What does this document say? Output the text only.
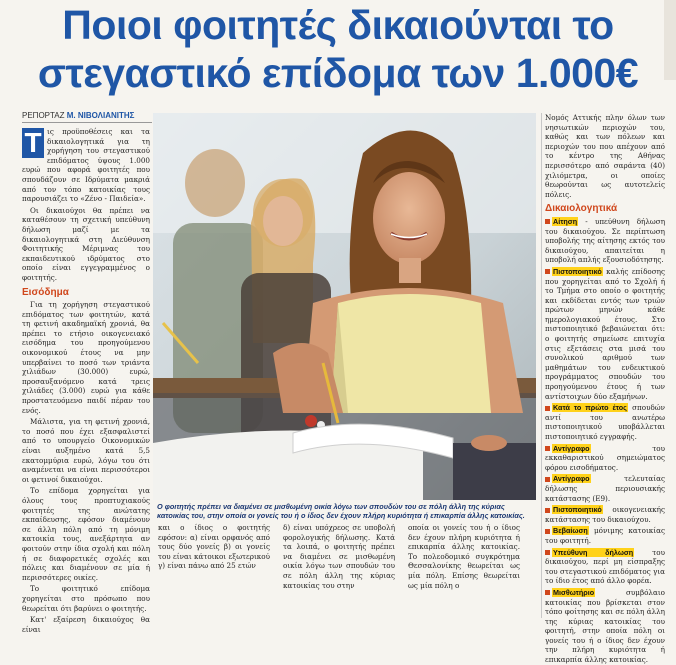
Ποιοι φοιτητές δικαιούνται το
στεγαστικό επίδομα των 1.000€
ΡΕΠΟΡΤΑΖ Μ. ΝΙΒΟΛΙΑΝΙΤΗΣ

Τ ις προϋποθέσεις και τα δικαιολογητικά για τη χορήγηση του στεγαστικού επιδόματος ύψους 1.000 ευρώ που αφορά φοιτητές που σπουδάζουν σε Ιδρύματα μακριά από τον τόπο κατοικίας τους παρουσιάζει το «Ζένο - Παιδεία».

Οι δικαιούχοι θα πρέπει να καταθέσουν τη σχετική υπεύθυνη δήλωση μαζί με τα δικαιολογητικά στη Διεύθυνση Φοιτητικής Μέριμνας του εκπαιδευτικού ιδρύματος στο οποίο είναι εγγεγραμμένος ο φοιτητής.

Εισόδημα

Για τη χορήγηση στεγαστικού επιδόματος των φοιτητών, κατά τη φετινή ακαδημαϊκή χρονιά, θα πρέπει το ετήσιο οικογενειακό εισόδημα του προηγούμενου οικονομικού έτους να μην υπερβαίνει το ποσό των τριάντα χιλιάδων (30.000) ευρώ, προσαυξανόμενο κατά τρεις χιλιάδες (3.000) ευρώ για κάθε προστατευόμενο παιδί πέραν του ενός.

Μάλιστα, για τη φετινή χρονιά, το ποσό που έχει εξασφαλιστεί από το υπουργείο Οικονομικών είναι αυξημένο κατά 5,5 εκατομμύρια ευρώ, λόγω του ότι αναμένεται να είναι περισσότεροι οι φετινοί δικαιούχοι.

Το επίδομα χορηγείται για όλους τους προπτυχιακούς φοιτητές της ανώτατης εκπαίδευσης, εφόσον διαμένουν σε άλλη πόλη από τη μόνιμη κατοικία τους, ανεξάρτητα αν φοιτούν στην ίδια σχολή και πόλη ή σε διαφορετικές σχολές και πόλεις και διαμένουν σε μία ή περισσότερες οικίες.

Το φοιτητικό επίδομα χορηγείται στο πρόσωπο που θεωρείται ότι βαρύνει ο φοιτητής.

Κατ' εξαίρεση δικαιούχος θα είναι

Ο φοιτητής πρέπει να διαμένει σε μισθωμένη οικία λόγω των σπουδών του σε πόλη άλλη της κύριας κατοικίας του, στην οποία οι γονείς του ή ο ίδιος δεν έχουν πλήρη κυριότητα ή επικαρπία άλλης κατοικίας.

και ο ίδιος ο φοιτητής εφόσον: α) είναι ορφανός από τους δύο γονείς β) οι γονείς του είναι κάτοικοι εξωτερικού γ) είναι πάνω από 25 ετών

δ) είναι υπόχρεος σε υποβολή φορολογικής δήλωσης. Κατά τα λοιπά, ο φοιτητής πρέπει να διαμένει σε μισθωμένη οικία λόγω των σπουδών του σε πόλη άλλη της κύριας κατοικίας του στην

οποία οι γονείς του ή ο ίδιος δεν έχουν πλήρη κυριότητα ή επικαρπία άλλης κατοικίας. Το πολεοδομικό συγκρότημα Θεσσαλονίκης θεωρείται ως μία πόλη. Επίσης θεωρείται ως μία πόλη ο

Νομός Αττικής πλην όλων των νησιωτικών περιοχών του, καθώς και των πόλεων και περιοχών του που απέχουν από το κέντρο της Αθήνας περισσότερο από σαράντα (40) χιλιόμετρα, οι οποίες θεωρούνται ως αυτοτελείς πόλεις.

Δικαιολογητικά

Αίτηση - υπεύθυνη δήλωση του δικαιούχου. Σε περίπτωση υποβολής της αίτησης εκτός του δικαιούχου, απαιτείται η υποβολή απλής εξουσιοδότησης.

Πιστοποιητικό καλής επίδοσης που χορηγείται από το Σχολή ή το Τμήμα στο οποίο ο φοιτητής και εκδίδεται εντός των τριών πρώτων μηνών κάθε ημερολογιακού έτους. Στο πιστοποιητικό βεβαιώνεται ότι: ο φοιτητής σημείωσε επιτυχία στις εξετάσεις στα μισά του συνολικού αριθμού των μαθημάτων του ενδεικτικού προγράμματος σπουδών του προηγούμενου έτους ή των αντίστοιχων δύο εξαμήνων.

Κατά το πρώτο έτος σπουδών αντί του ανωτέρω πιστοποιητικού υποβάλλεται πιστοποιητικό εγγραφής.

Αντίγραφο του εκκαθαριστικού σημειώματος φόρου εισοδήματος.

Αντίγραφο τελευταίας δήλωσης περιουσιακής κατάστασης (Ε9).

Πιστοποιητικό οικογενειακής κατάστασης του δικαιούχου.

Βεβαίωση μόνιμης κατοικίας του φοιτητή.

Υπεύθυνη δήλωση του δικαιούχου, περί μη είσπραξης του στεγαστικού επιδόματος για το ίδιο έτος από άλλο φορέα.

Μισθωτήριο συμβόλαιο κατοικίας που βρίσκεται στον τόπο φοίτησης και σε πόλη άλλη της κύριας κατοικίας του φοιτητή, στην οποία πόλη οι γονείς του ή ο ίδιος δεν έχουν την πλήρη κυριότητα ή επικαρπία άλλης κατοικίας.
